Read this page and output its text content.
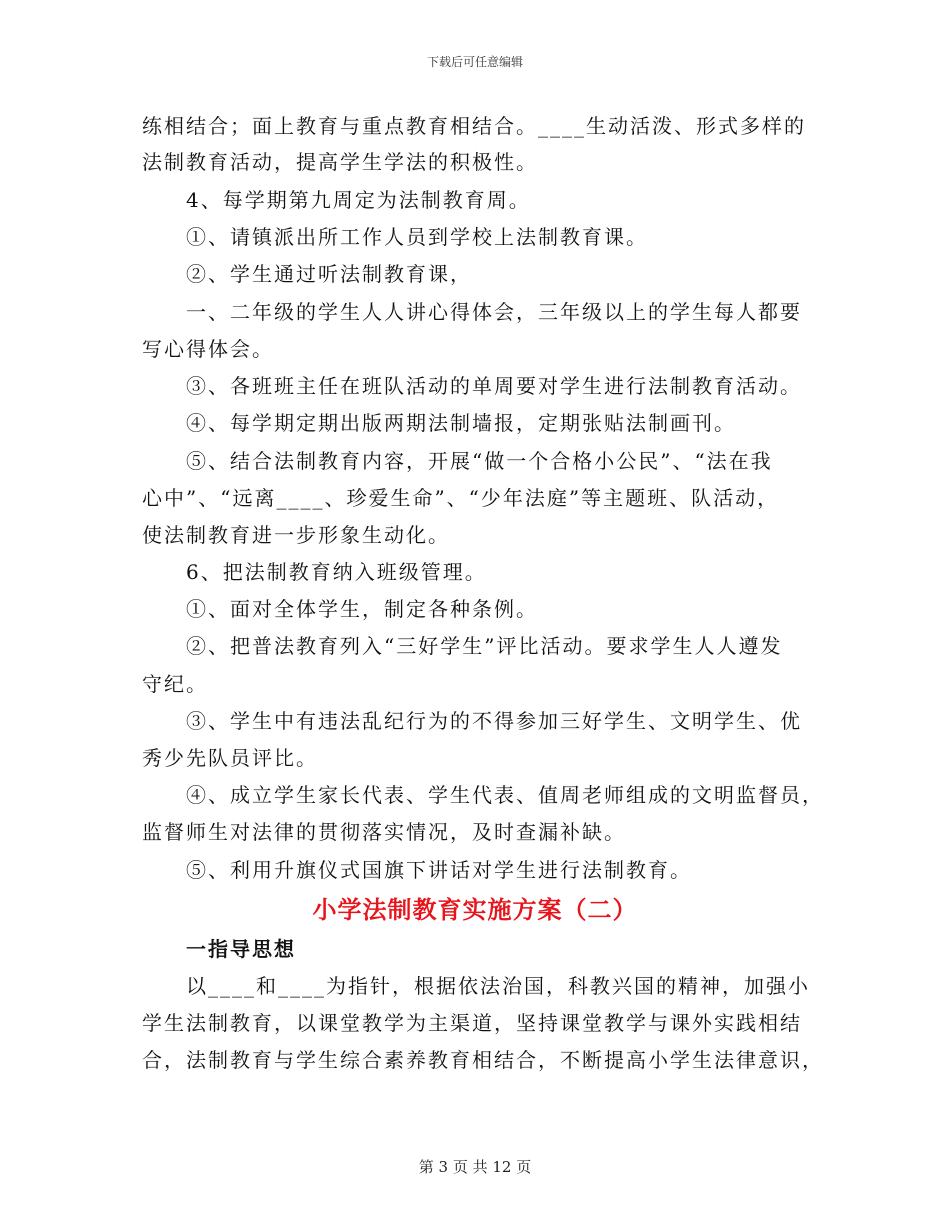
下载后可任意编辑
练相结合；面上教育与重点教育相结合。____生动活泼、形式多样的
法制教育活动，提高学生学法的积极性。
4、每学期第九周定为法制教育周。
①、请镇派出所工作人员到学校上法制教育课。
②、学生通过听法制教育课，
一、二年级的学生人人讲心得体会，三年级以上的学生每人都要
写心得体会。
③、各班班主任在班队活动的单周要对学生进行法制教育活动。
④、每学期定期出版两期法制墙报，定期张贴法制画刊。
⑤、结合法制教育内容，开展“做一个合格小公民”、“法在我
心中”、“远离____、珍爱生命”、“少年法庭”等主题班、队活动，
使法制教育进一步形象生动化。
6、把法制教育纳入班级管理。
①、面对全体学生，制定各种条例。
②、把普法教育列入“三好学生”评比活动。要求学生人人遵发
守纪。
③、学生中有违法乱纪行为的不得参加三好学生、文明学生、优
秀少先队员评比。
④、成立学生家长代表、学生代表、值周老师组成的文明监督员，
监督师生对法律的贯彻落实情况，及时查漏补缺。
⑤、利用升旗仪式国旗下讲话对学生进行法制教育。
小学法制教育实施方案（二）
一指导思想
以____和____为指针，根据依法治国，科教兴国的精神，加强小
学生法制教育，以课堂教学为主渠道，坚持课堂教学与课外实践相结
合，法制教育与学生综合素养教育相结合，不断提高小学生法律意识，
第 3 页 共 12 页
